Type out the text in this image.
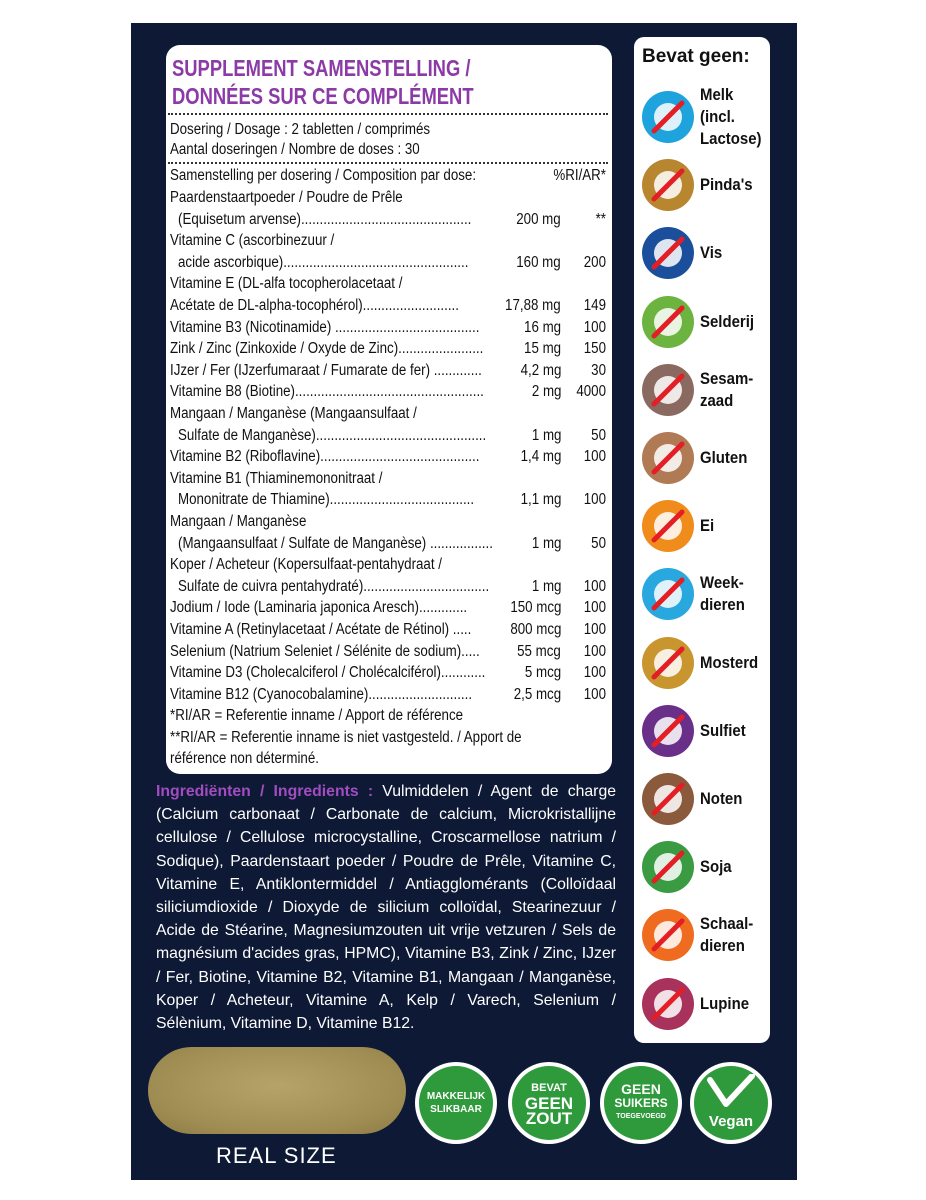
SUPPLEMENT SAMENSTELLING /
DONNÉES SUR CE COMPLÉMENT
Dosering / Dosage : 2 tabletten / comprimés
Aantal doseringen / Nombre de doses : 30
Samenstelling per dosering / Composition par dose:	%RI/AR*
Paardenstaartpoeder / Poudre de Prêle
(Equisetum arvense)..............................................	200 mg	**
Vitamine C (ascorbinezuur /
acide ascorbique)..................................................	160 mg	200
Vitamine E (DL-alfa tocopherolacetaat /
Acétate de DL-alpha-tocophérol)..........................	17,88 mg	149
Vitamine B3 (Nicotinamide) .......................................	16 mg	100
Zink / Zinc (Zinkoxide / Oxyde de Zinc).......................	15 mg	150
IJzer / Fer (IJzerfumaraat / Fumarate de fer) ............. 4,2 mg	30
Vitamine B8 (Biotine)...................................................	2 mg 4000
Mangaan / Manganèse (Mangaansulfaat /
Sulfate de Manganèse)..............................................	1 mg	50
Vitamine B2 (Riboflavine)...........................................	1,4 mg	100
Vitamine B1 (Thiaminemononitraat /
Mononitrate de Thiamine).......................................	1,1 mg	100
Mangaan / Manganèse
(Mangaansulfaat / Sulfate de Manganèse) ................. 1 mg	50
Koper / Acheteur (Kopersulfaat-pentahydraat /
Sulfate de cuivra pentahydraté)..................................	1 mg	100
Jodium / Iode (Laminaria japonica Aresch).............	150 mcg	100
Vitamine A (Retinylacetaat / Acétate de Rétinol) ..... 800 mcg	100
Selenium (Natrium Seleniet / Sélénite de sodium)..... 55 mcg	100
Vitamine D3 (Cholecalciferol / Cholécalciférol)............	5 mcg	100
Vitamine B12 (Cyanocobalamine)............................	2,5 mcg	100
*RI/AR = Referentie inname / Apport de référence
**RI/AR = Referentie inname is niet vastgesteld. / Apport de
référence non déterminé.
Ingrediënten / Ingredients : Vulmiddelen / Agent de charge (Calcium carbonaat / Carbonate de calcium, Microkristallijne cellulose / Cellulose microcystalline, Croscarmellose natrium / Sodique), Paardenstaart poeder / Poudre de Prêle, Vitamine C, Vitamine E, Antiklontermiddel / Antiagglomérants (Colloïdaal siliciumdioxide / Dioxyde de silicium colloïdal, Stearinezuur / Acide de Stéarine, Magnesiumzouten uit vrije vetzuren / Sels de magnésium d'acides gras, HPMC), Vitamine B3, Zink / Zinc, IJzer / Fer, Biotine, Vitamine B2, Vitamine B1, Mangaan / Manganèse, Koper / Acheteur, Vitamine A, Kelp / Varech, Selenium / Sélènium, Vitamine D, Vitamine B12.
Bevat geen:
Melk
(incl.
Lactose)
Pinda's
Vis
Selderij
Sesam-
zaad
Gluten
Ei
Week-
dieren
Mosterd
Sulfiet
Noten
Soja
Schaal-
dieren
Lupine
REAL SIZE
MAKKELIJK
SLIKBAAR
BEVAT
GEEN
ZOUT
GEEN
SUIKERS
TOEGEVOEGD	Vegan
